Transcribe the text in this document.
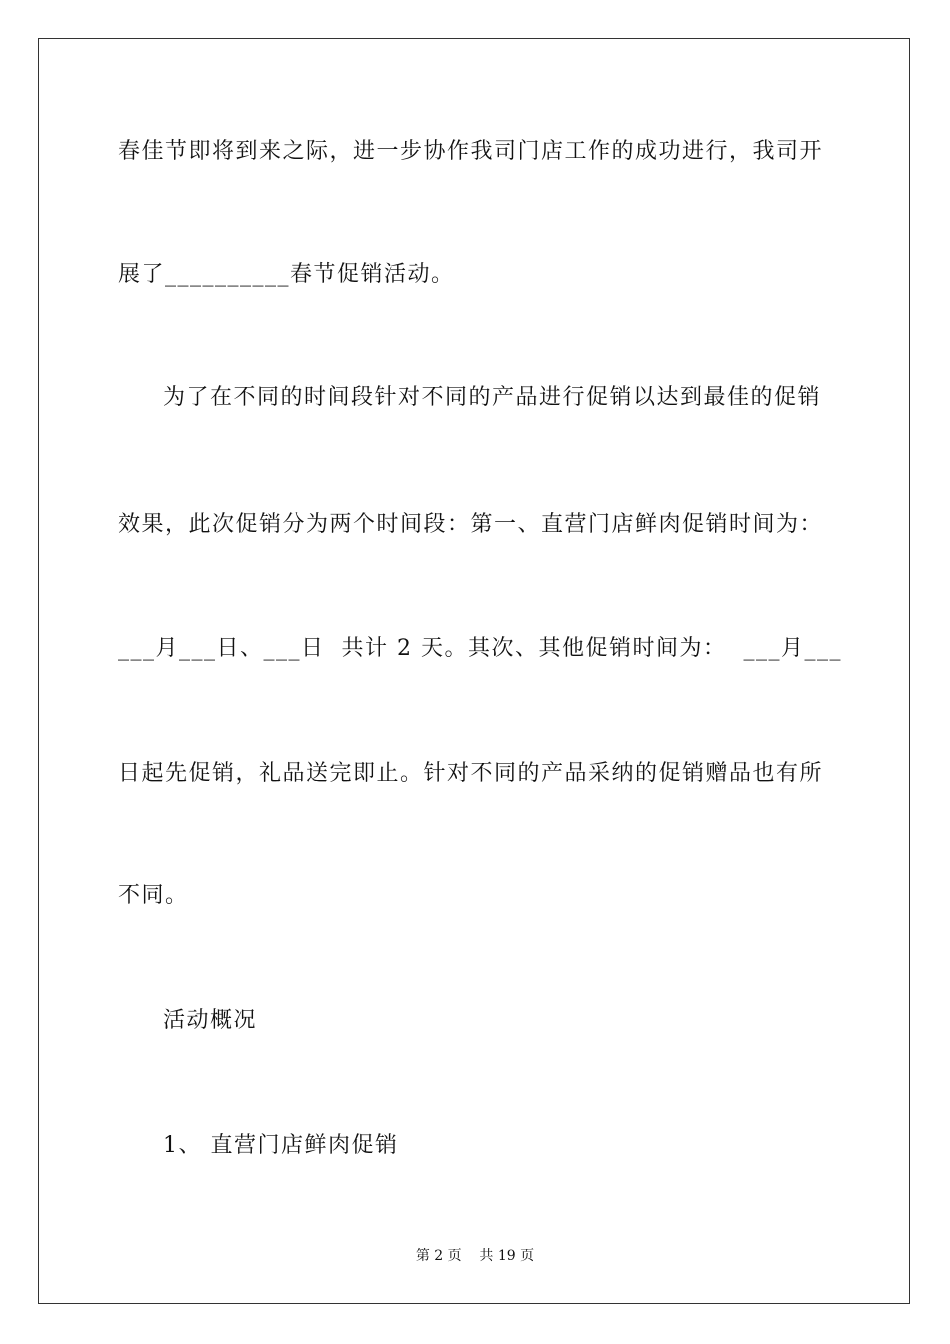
春佳节即将到来之际，进一步协作我司门店工作的成功进行，我司开
展了__________春节促销活动。
为了在不同的时间段针对不同的产品进行促销以达到最佳的促销
效果，此次促销分为两个时间段：第一、直营门店鲜肉促销时间为：
___月___日、___日  共计 2 天。其次、其他促销时间为：  ___月___
日起先促销，礼品送完即止。针对不同的产品采纳的促销赠品也有所
不同。
活动概况
1、 直营门店鲜肉促销
第 2 页    共 19 页
